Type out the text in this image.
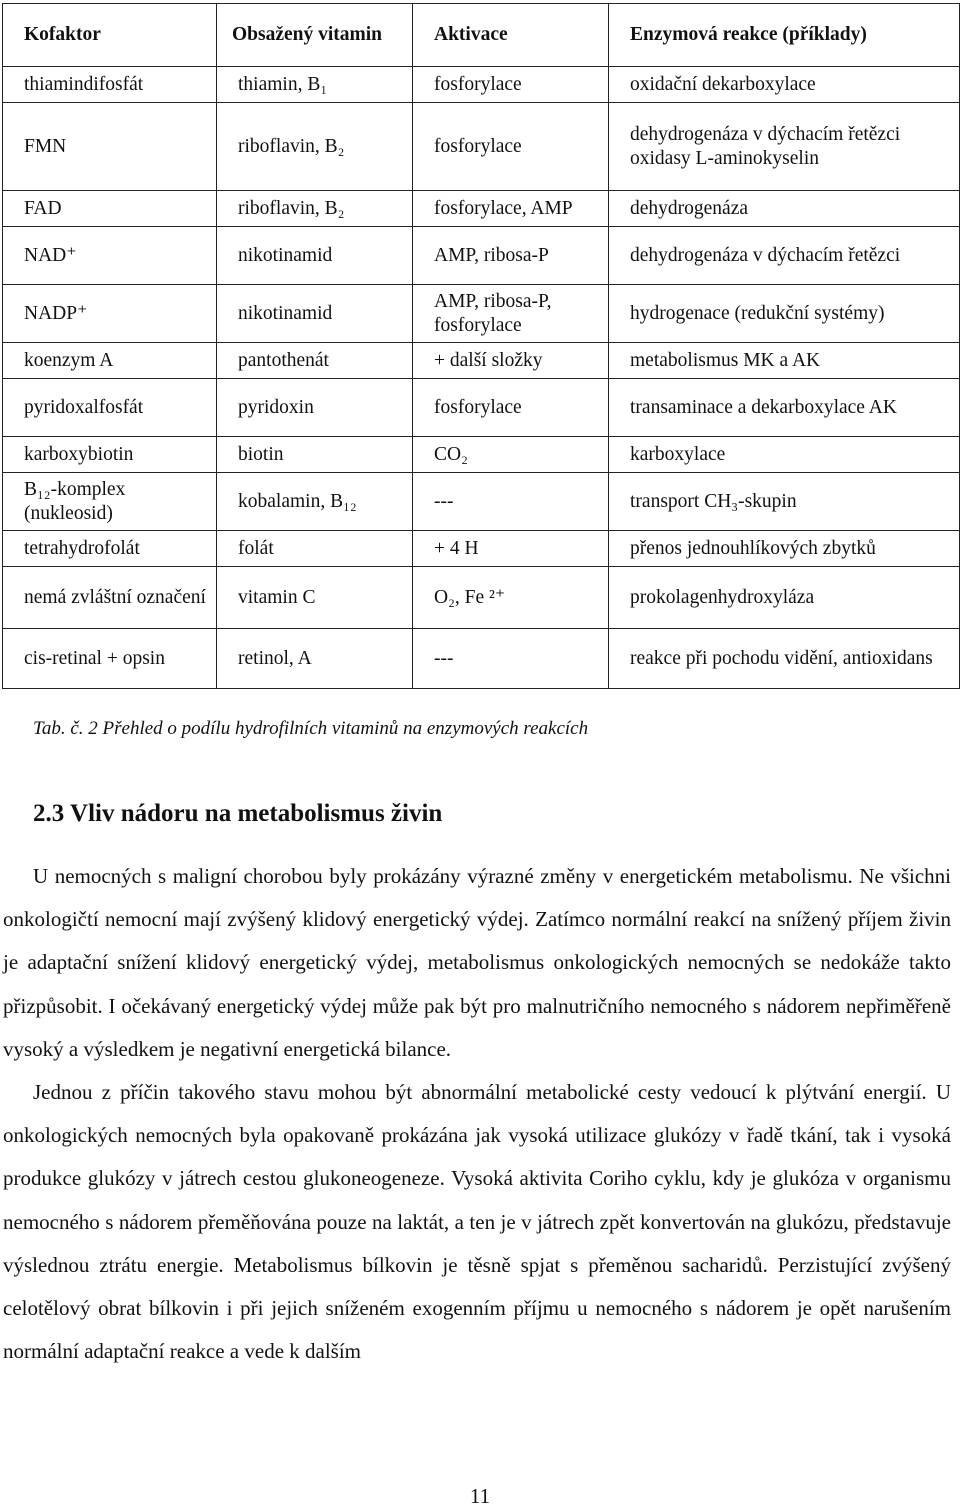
Kofaktor	Obsažený vitamin	Aktivace	Enzymová reakce (příklady)
thiamindifosfát	thiamin, B₁	fosforylace	oxidační dekarboxylace
FMN	riboflavin, B₂	fosforylace	dehydrogenáza v dýchacím řetězci
oxidasy L-aminokyselin
FAD	riboflavin, B₂	fosforylace, AMP	dehydrogenáza
NAD⁺	nikotinamid	AMP, ribosa-P	dehydrogenáza v dýchacím řetězci
NADP⁺	nikotinamid	AMP, ribosa-P, fosforylace	hydrogenace (redukční systémy)
koenzym A	pantothenát	+ další složky	metabolismus MK a AK
pyridoxalfosfát	pyridoxin	fosforylace	transaminace a dekarboxylace AK
karboxybiotin	biotin	CO₂	karboxylace
B₁₂-komplex (nukleosid)	kobalamin, B₁₂	---	transport CH₃-skupin
tetrahydrofolát	folát	+ 4 H	přenos jednouhlíkových zbytků
nemá zvláštní označení	vitamin C	O₂, Fe ²⁺	prokolagenhydroxyláza
cis-retinal + opsin	retinol, A	---	reakce při pochodu vidění, antioxidans
Tab. č. 2 Přehled o podílu hydrofilních vitaminů na enzymových reakcích
2.3 Vliv nádoru na metabolismus živin

U nemocných s maligní chorobou byly prokázány výrazné změny v energetickém metabolismu. Ne všichni onkologičtí nemocní mají zvýšený klidový energetický výdej. Zatímco normální reakcí na snížený příjem živin je adaptační snížení klidový energetický výdej, metabolismus onkologických nemocných se nedokáže takto přizpůsobit. I očekávaný energetický výdej může pak být pro malnutričního nemocného s nádorem nepřiměřeně vysoký a výsledkem je negativní energetická bilance.

Jednou z příčin takového stavu mohou být abnormální metabolické cesty vedoucí k plýtvání energií. U onkologických nemocných byla opakovaně prokázána jak vysoká utilizace glukózy v řadě tkání, tak i vysoká produkce glukózy v játrech cestou glukoneogeneze. Vysoká aktivita Coriho cyklu, kdy je glukóza v organismu nemocného s nádorem přeměňována pouze na laktát, a ten je v játrech zpět konvertován na glukózu, představuje výslednou ztrátu energie. Metabolismus bílkovin je těsně spjat s přeměnou sacharidů. Perzistující zvýšený celotělový obrat bílkovin i při jejich sníženém exogenním příjmu u nemocného s nádorem je opět narušením normální adaptační reakce a vede k dalším

11
